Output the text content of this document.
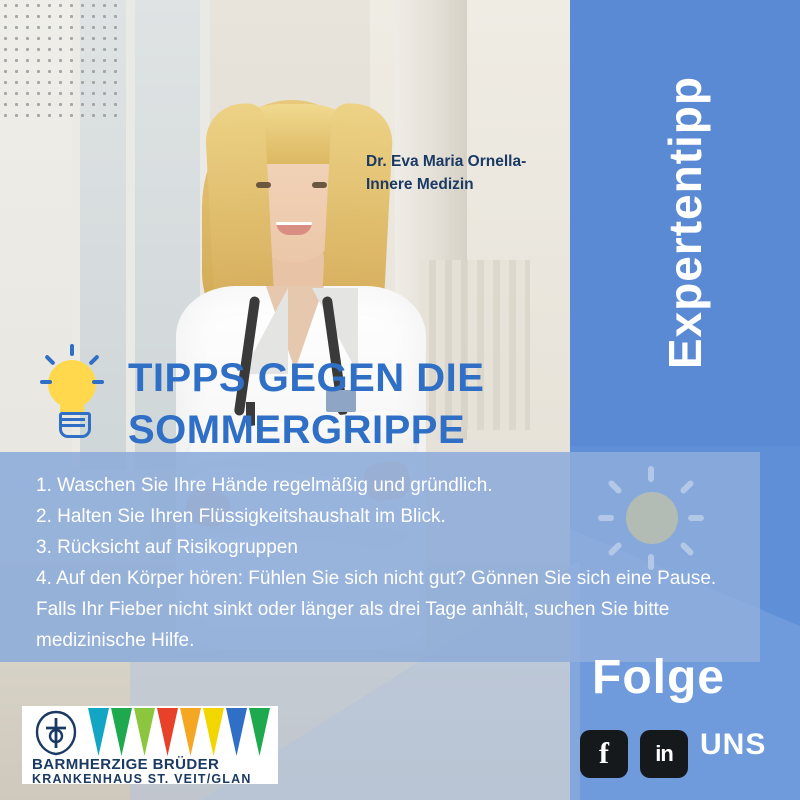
Expertentipp
Dr. Eva Maria Ornella-
Innere Medizin
TIPPS GEGEN DIE SOMMERGRIPPE
1. Waschen Sie Ihre Hände regelmäßig und gründlich.
2. Halten Sie Ihren Flüssigkeitshaushalt im Blick.
3. Rücksicht auf Risikogruppen
4. Auf den Körper hören: Fühlen Sie sich nicht gut? Gönnen Sie sich eine Pause. Falls Ihr Fieber nicht sinkt oder länger als drei Tage anhält, suchen Sie bitte medizinische Hilfe.
Folge
UNS
f in
BARMHERZIGE BRÜDER
KRANKENHAUS ST. VEIT/GLAN
